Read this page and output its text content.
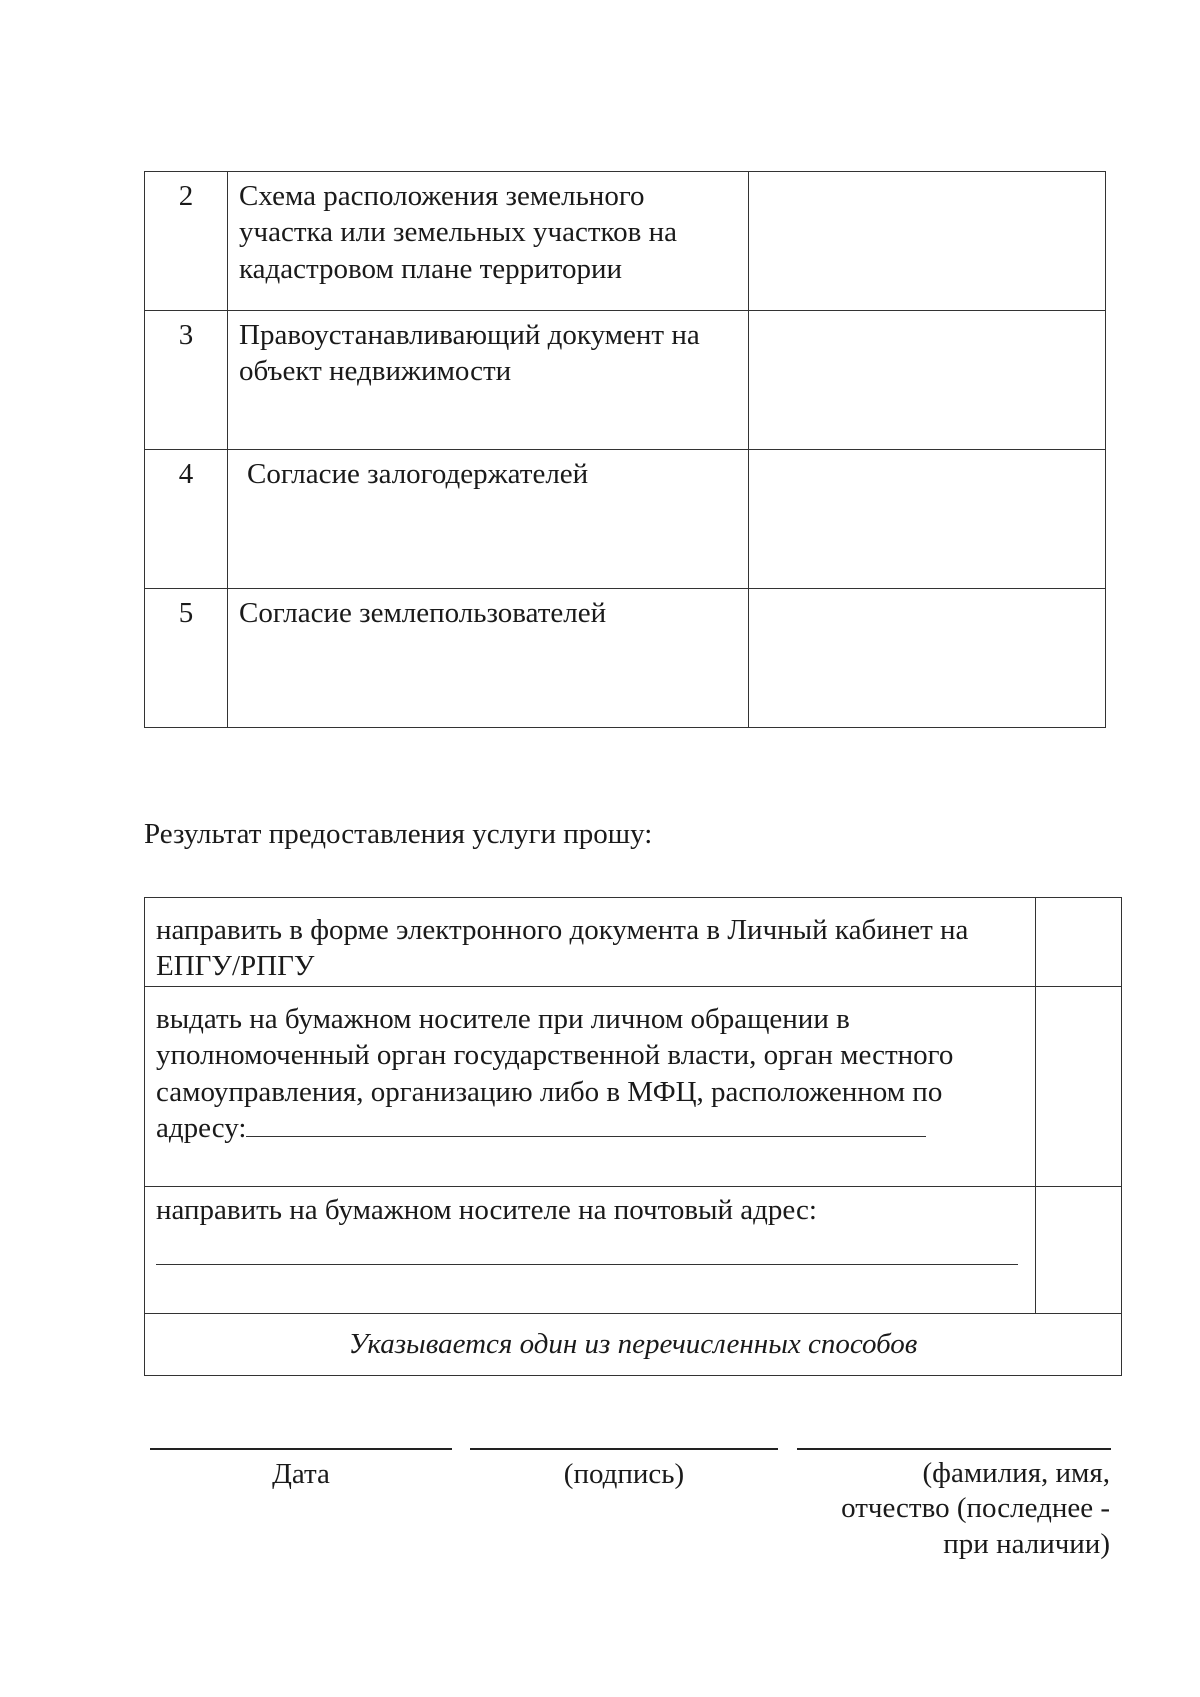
2	Схема расположения земельного участка или земельных участков на кадастровом плане территории	
3	Правоустанавливающий документ на объект недвижимости	
4	Согласие залогодержателей	
5	Согласие землепользователей	
Результат предоставления услуги прошу:
направить в форме электронного документа в Личный кабинет на ЕПГУ/РПГУ	

выдать на бумажном носителе при личном обращении в уполномоченный орган государственной власти, орган местного самоуправления, организацию либо в МФЦ, расположенном по
адресу:	

направить на бумажном носителе на почтовый адрес:	

Указывается один из перечисленных способов	
Дата	(подпись)	(фамилия, имя,
отчество (последнее -
при наличии)
